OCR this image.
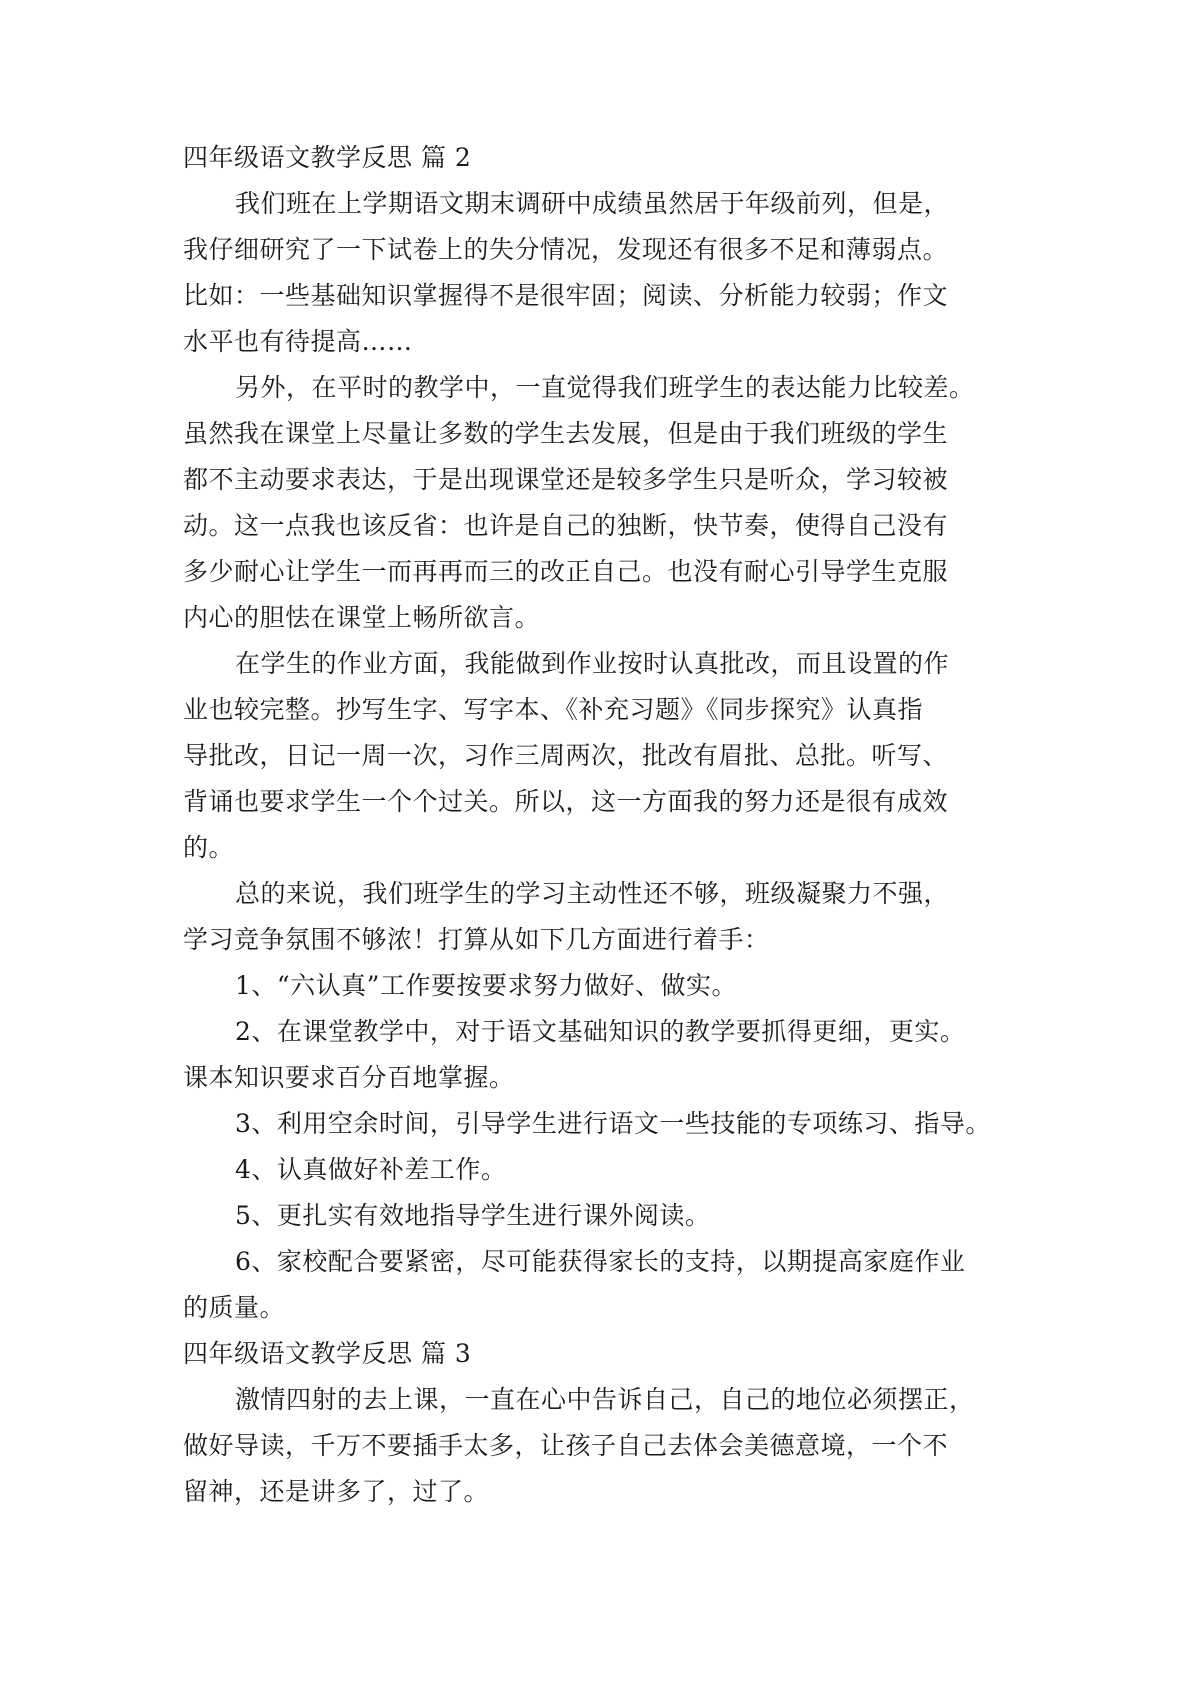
四年级语文教学反思 篇 2
我们班在上学期语文期末调研中成绩虽然居于年级前列，但是，
我仔细研究了一下试卷上的失分情况，发现还有很多不足和薄弱点。
比如：一些基础知识掌握得不是很牢固；阅读、分析能力较弱；作文
水平也有待提高……
另外，在平时的教学中，一直觉得我们班学生的表达能力比较差。
虽然我在课堂上尽量让多数的学生去发展，但是由于我们班级的学生
都不主动要求表达，于是出现课堂还是较多学生只是听众，学习较被
动。这一点我也该反省：也许是自己的独断，快节奏，使得自己没有
多少耐心让学生一而再再而三的改正自己。也没有耐心引导学生克服
内心的胆怯在课堂上畅所欲言。
在学生的作业方面，我能做到作业按时认真批改，而且设置的作
业也较完整。抄写生字、写字本、《补充习题》《同步探究》认真指
导批改，日记一周一次，习作三周两次，批改有眉批、总批。听写、
背诵也要求学生一个个过关。所以，这一方面我的努力还是很有成效
的。
总的来说，我们班学生的学习主动性还不够，班级凝聚力不强，
学习竞争氛围不够浓！打算从如下几方面进行着手：
1、“六认真”工作要按要求努力做好、做实。
2、在课堂教学中，对于语文基础知识的教学要抓得更细，更实。
课本知识要求百分百地掌握。
3、利用空余时间，引导学生进行语文一些技能的专项练习、指导。
4、认真做好补差工作。
5、更扎实有效地指导学生进行课外阅读。
6、家校配合要紧密，尽可能获得家长的支持，以期提高家庭作业
的质量。
四年级语文教学反思 篇 3
激情四射的去上课，一直在心中告诉自己，自己的地位必须摆正，
做好导读，千万不要插手太多，让孩子自己去体会美德意境，一个不
留神，还是讲多了，过了。
